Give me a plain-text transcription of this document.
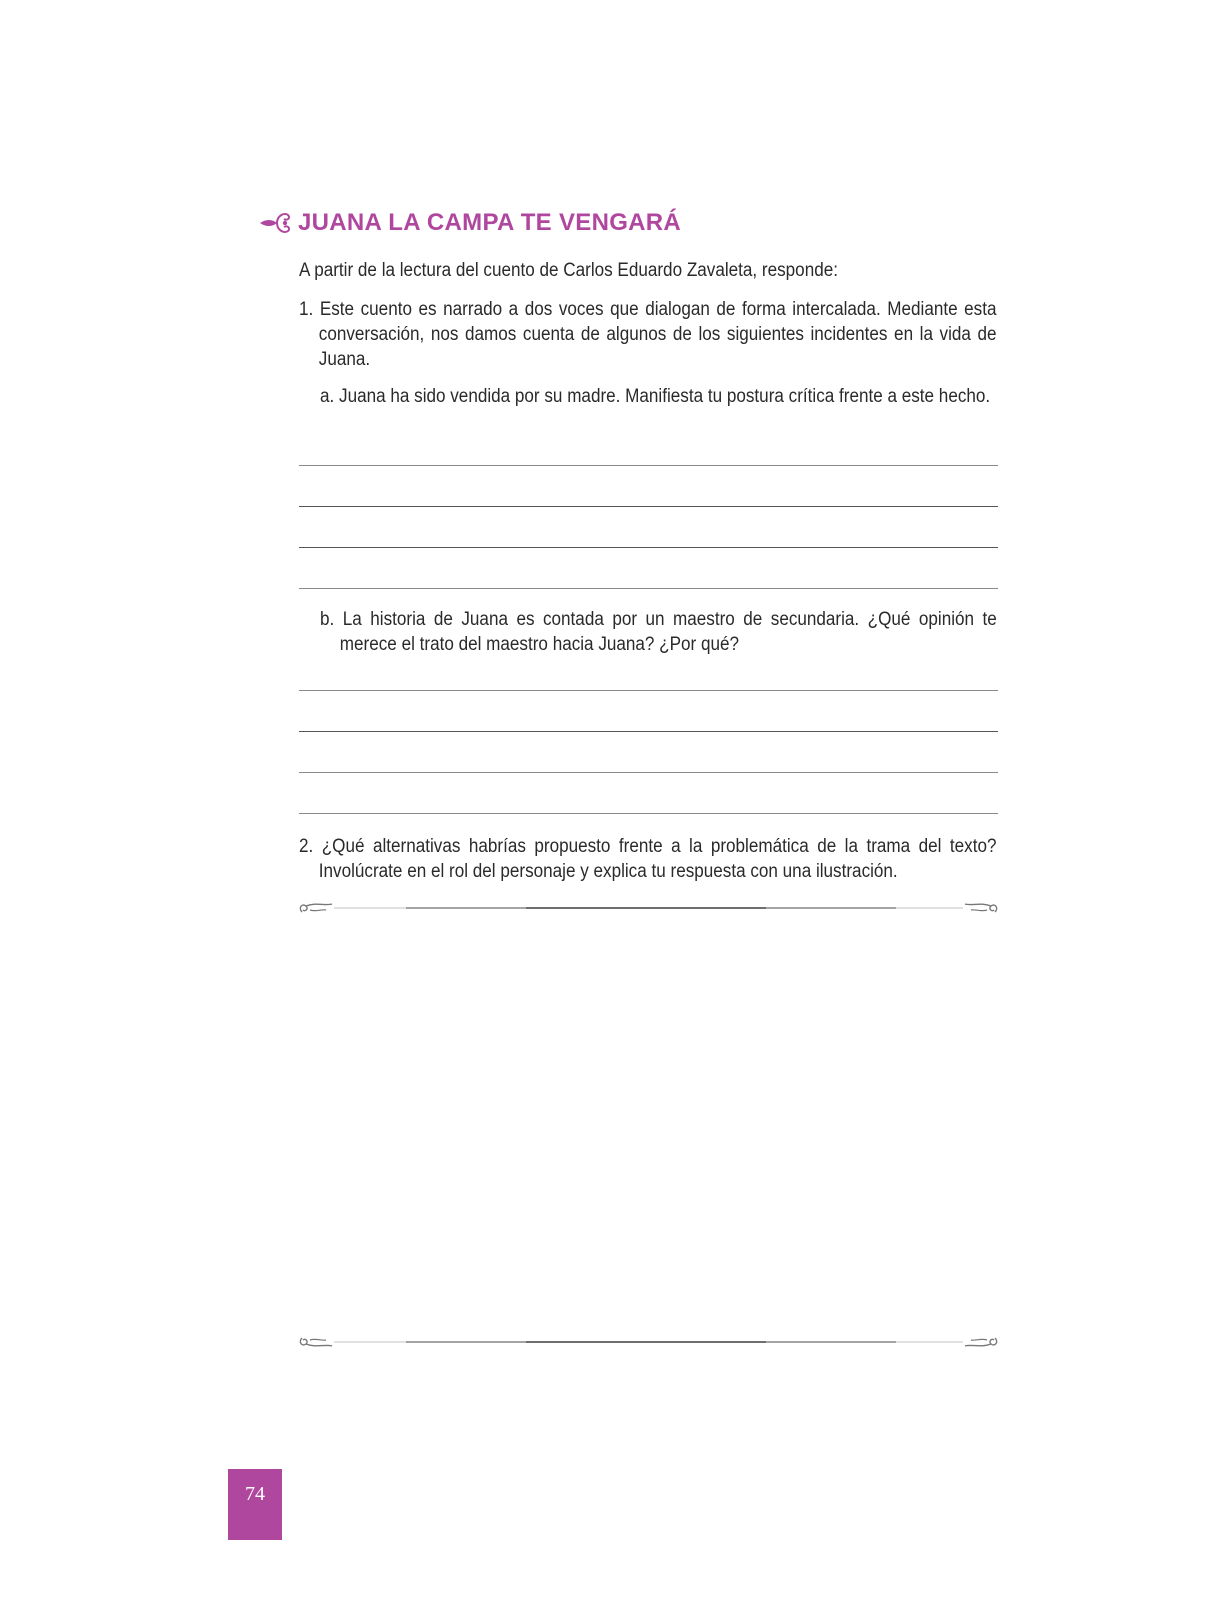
JUANA LA CAMPA TE VENGARÁ
A partir de la lectura del cuento de Carlos Eduardo Zavaleta, responde:
1. Este cuento es narrado a dos voces que dialogan de forma intercalada. Mediante esta conversación, nos damos cuenta de algunos de los siguientes incidentes en la vida de Juana.
a. Juana ha sido vendida por su madre. Manifiesta tu postura crítica frente a este hecho.
b. La historia de Juana es contada por un maestro de secundaria. ¿Qué opinión te merece el trato del maestro hacia Juana? ¿Por qué?
2. ¿Qué alternativas habrías propuesto frente a la problemática de la trama del texto? Involúcrate en el rol del personaje y explica tu respuesta con una ilustración.
74
